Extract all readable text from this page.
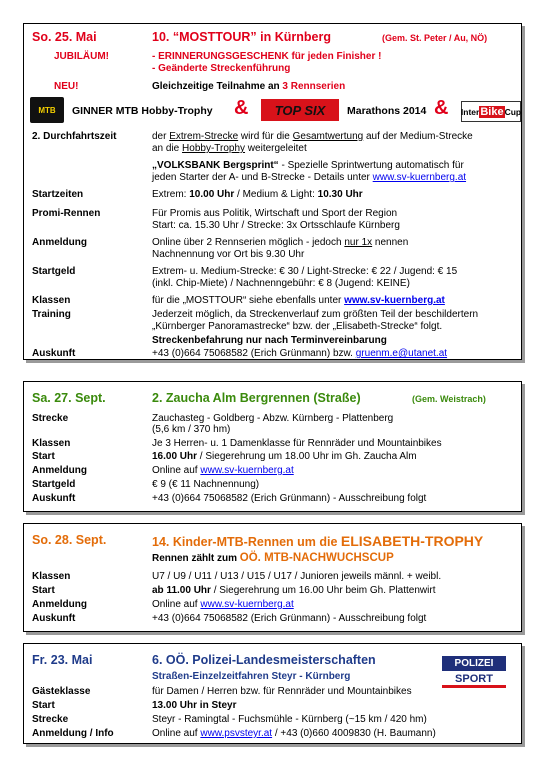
So. 25. Mai	10. “MOSTTOUR” in Kürnberg	(Gem. St. Peter / Au, NÖ)
JUBILÄUM!	- ERINNERUNGSGESCHENK für jeden Finisher !
- Geänderte Streckenführung
NEU!	Gleichzeitige Teilnahme an 3 Rennserien
MTB GINNER MTB Hobby-Trophy & TOP SIX Marathons 2014 & Inter Bike Cup
2. Durchfahrtszeit	der Extrem-Strecke wird für die Gesamtwertung auf der Medium-Strecke
an die Hobby-Trophy weitergeleitet
„VOLKSBANK Bergsprint“ - Spezielle Sprintwertung automatisch für
jeden Starter der A- und B-Strecke - Details unter www.sv-kuernberg.at
Startzeiten	Extrem: 10.00 Uhr / Medium & Light: 10.30 Uhr
Promi-Rennen	Für Promis aus Politik, Wirtschaft und Sport der Region
Start: ca. 15.30 Uhr / Strecke: 3x Ortsschlaufe Kürnberg
Anmeldung	Online über 2 Rennserien möglich - jedoch nur 1x nennen
Nachnennung vor Ort bis 9.30 Uhr
Startgeld	Extrem- u. Medium-Strecke: € 30 / Light-Strecke: € 22 / Jugend: € 15
(inkl. Chip-Miete) / Nachnenngebühr: € 8 (Jugend: KEINE)
Klassen	für die „MOSTTOUR“ siehe ebenfalls unter www.sv-kuernberg.at
Training	Jederzeit möglich, da Streckenverlauf zum größten Teil der beschildertern
„Kürnberger Panoramastrecke“ bzw. der „Elisabeth-Strecke“ folgt.
Streckenbefahrung nur nach Terminvereinbarung
Auskunft	+43 (0)664 75068582 (Erich Grünmann) bzw. gruenm.e@utanet.at
Sa. 27. Sept.	2. Zaucha Alm Bergrennen (Straße)	(Gem. Weistrach)
Strecke	Zauchasteg - Goldberg - Abzw. Kürnberg - Plattenberg
(5,6 km / 370 hm)
Klassen	Je 3 Herren- u. 1 Damenklasse für Rennräder und Mountainbikes
Start	16.00 Uhr / Siegerehrung um 18.00 Uhr im Gh. Zaucha Alm
Anmeldung	Online auf www.sv-kuernberg.at
Startgeld	€ 9 (€ 11 Nachnennung)
Auskunft	+43 (0)664 75068582 (Erich Grünmann) - Ausschreibung folgt
So. 28. Sept.	14. Kinder-MTB-Rennen um die ELISABETH-TROPHY
Rennen zählt zum OÖ. MTB-NACHWUCHSCUP
Klassen	U7 / U9 / U11 / U13 / U15 / U17 / Junioren jeweils männl. + weibl.
Start	ab 11.00 Uhr / Siegerehrung um 16.00 Uhr beim Gh. Plattenwirt
Anmeldung	Online auf www.sv-kuernberg.at
Auskunft	+43 (0)664 75068582 (Erich Grünmann) - Ausschreibung folgt
Fr. 23. Mai	6. OÖ. Polizei-Landesmeisterschaften
Straßen-Einzelzeitfahren Steyr - Kürnberg
POLIZEI
SPORT
Gästeklasse	für Damen / Herren bzw. für Rennräder und Mountainbikes
Start	13.00 Uhr in Steyr
Strecke	Steyr - Ramingtal - Fuchsmühle - Kürnberg (~15 km / 420 hm)
Anmeldung / Info	Online auf www.psvsteyr.at / +43 (0)660 4009830 (H. Baumann)
